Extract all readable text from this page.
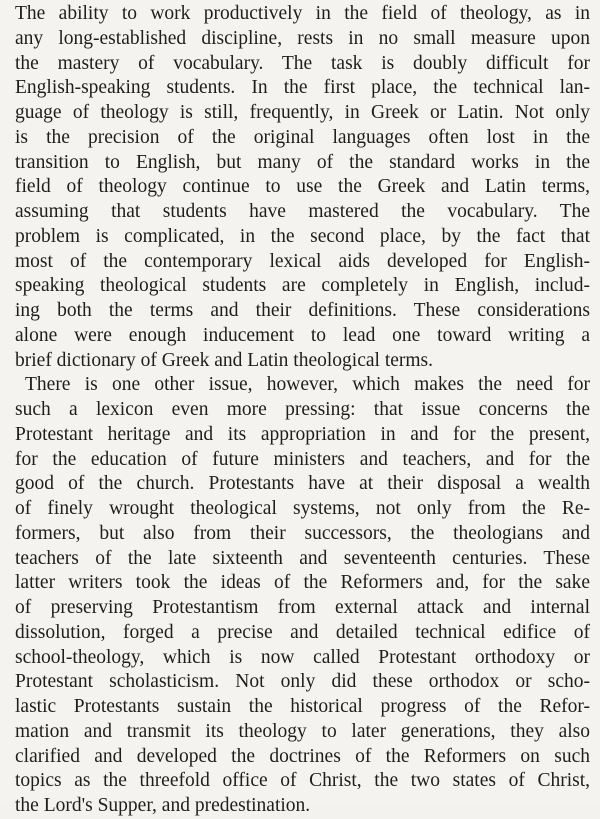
The ability to work productively in the field of theology, as in
any long-established discipline, rests in no small measure upon
the mastery of vocabulary. The task is doubly difficult for
English-speaking students. In the first place, the technical lan-
guage of theology is still, frequently, in Greek or Latin. Not only
is the precision of the original languages often lost in the
transition to English, but many of the standard works in the
field of theology continue to use the Greek and Latin terms,
assuming that students have mastered the vocabulary. The
problem is complicated, in the second place, by the fact that
most of the contemporary lexical aids developed for English-
speaking theological students are completely in English, includ-
ing both the terms and their definitions. These considerations
alone were enough inducement to lead one toward writing a
brief dictionary of Greek and Latin theological terms.
There is one other issue, however, which makes the need for
such a lexicon even more pressing: that issue concerns the
Protestant heritage and its appropriation in and for the present,
for the education of future ministers and teachers, and for the
good of the church. Protestants have at their disposal a wealth
of finely wrought theological systems, not only from the Re-
formers, but also from their successors, the theologians and
teachers of the late sixteenth and seventeenth centuries. These
latter writers took the ideas of the Reformers and, for the sake
of preserving Protestantism from external attack and internal
dissolution, forged a precise and detailed technical edifice of
school-theology, which is now called Protestant orthodoxy or
Protestant scholasticism. Not only did these orthodox or scho-
lastic Protestants sustain the historical progress of the Refor-
mation and transmit its theology to later generations, they also
clarified and developed the doctrines of the Reformers on such
topics as the threefold office of Christ, the two states of Christ,
the Lord's Supper, and predestination.
